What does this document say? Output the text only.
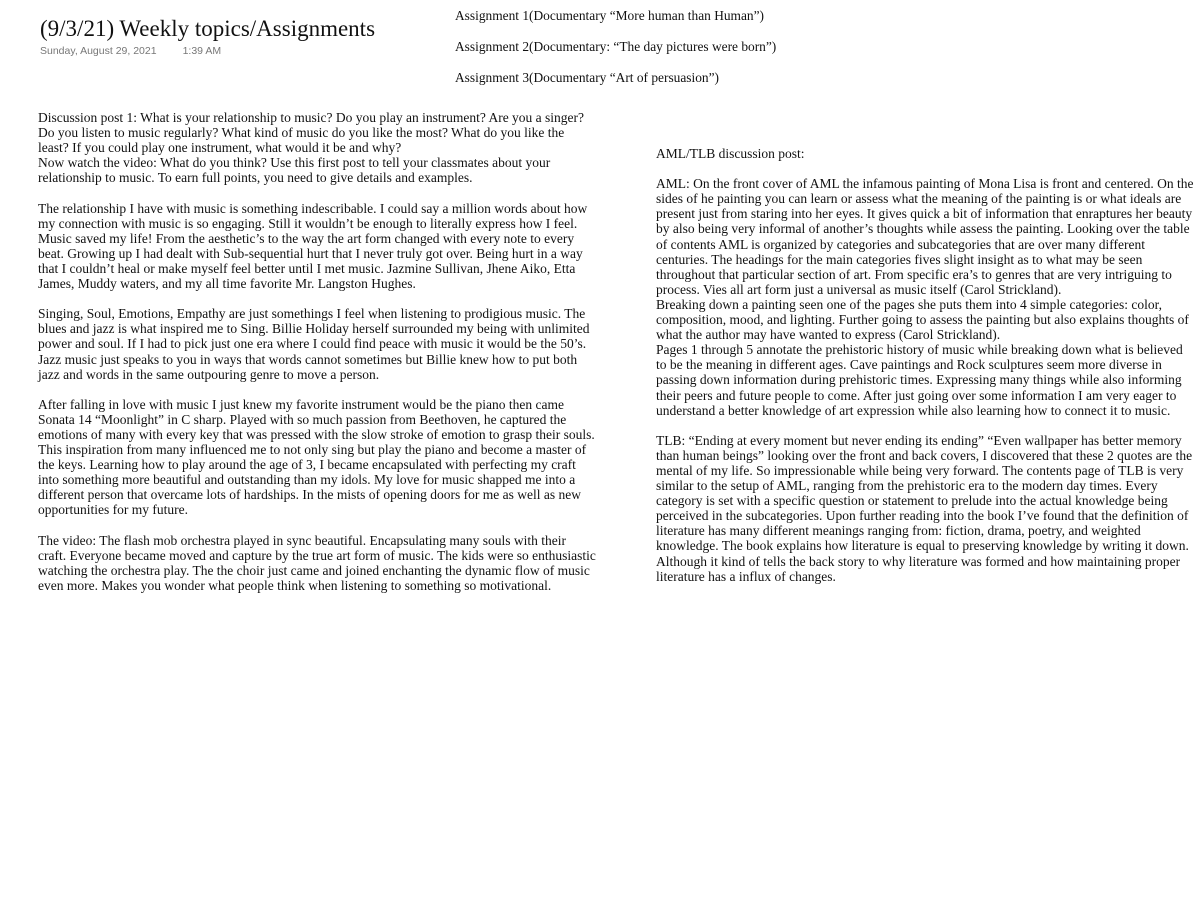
(9/3/21) Weekly topics/Assignments
Sunday, August 29, 2021 1:39 AM
Assignment 1(Documentary “More human than Human”)
Assignment 2(Documentary: “The day pictures were born”)
Assignment 3(Documentary “Art of persuasion”)
Discussion post 1: What is your relationship to music? Do you play an instrument? Are you a singer? Do you listen to music regularly? What kind of music do you like the most? What do you like the least? If you could play one instrument, what would it be and why?
Now watch the video: What do you think? Use this first post to tell your classmates about your relationship to music. To earn full points, you need to give details and examples.
The relationship I have with music is something indescribable. I could say a million words about how my connection with music is so engaging. Still it wouldn’t be enough to literally express how I feel. Music saved my life! From the aesthetic’s to the way the art form changed with every note to every beat. Growing up I had dealt with Sub-sequential hurt that I never truly got over. Being hurt in a way that I couldn’t heal or make myself feel better until I met music. Jazmine Sullivan, Jhene Aiko, Etta James, Muddy waters, and my all time favorite Mr. Langston Hughes.
Singing, Soul, Emotions, Empathy are just somethings I feel when listening to prodigious music. The blues and jazz is what inspired me to Sing. Billie Holiday herself surrounded my being with unlimited power and soul. If I had to pick just one era where I could find peace with music it would be the 50’s. Jazz music just speaks to you in ways that words cannot sometimes but Billie knew how to put both jazz and words in the same outpouring genre to move a person.
After falling in love with music I just knew my favorite instrument would be the piano then came Sonata 14 “Moonlight” in C sharp. Played with so much passion from Beethoven, he captured the emotions of many with every key that was pressed with the slow stroke of emotion to grasp their souls. This inspiration from many influenced me to not only sing but play the piano and become a master of the keys. Learning how to play around the age of 3, I became encapsulated with perfecting my craft into something more beautiful and outstanding than my idols. My love for music shapped me into a different person that overcame lots of hardships. In the mists of opening doors for me as well as new opportunities for my future.
The video: The flash mob orchestra played in sync beautiful. Encapsulating many souls with their craft. Everyone became moved and capture by the true art form of music. The kids were so enthusiastic watching the orchestra play. The the choir just came and joined enchanting the dynamic flow of music even more. Makes you wonder what people think when listening to something so motivational.
AML/TLB discussion post:
AML: On the front cover of AML the infamous painting of Mona Lisa is front and centered. On the sides of he painting you can learn or assess what the meaning of the painting is or what ideals are present just from staring into her eyes. It gives quick a bit of information that enraptures her beauty by also being very informal of another’s thoughts while assess the painting. Looking over the table of contents AML is organized by categories and subcategories that are over many different centuries. The headings for the main categories fives slight insight as to what may be seen throughout that particular section of art. From specific era’s to genres that are very intriguing to process. Vies all art form just a universal as music itself (Carol Strickland).
Breaking down a painting seen one of the pages she puts them into 4 simple categories: color, composition, mood, and lighting. Further going to assess the painting but also explains thoughts of what the author may have wanted to express (Carol Strickland).
Pages 1 through 5 annotate the prehistoric history of music while breaking down what is believed to be the meaning in different ages. Cave paintings and Rock sculptures seem more diverse in passing down information during prehistoric times. Expressing many things while also informing their peers and future people to come. After just going over some information I am very eager to understand a better knowledge of art expression while also learning how to connect it to music.
TLB: “Ending at every moment but never ending its ending” “Even wallpaper has better memory than human beings” looking over the front and back covers, I discovered that these 2 quotes are the mental of my life. So impressionable while being very forward. The contents page of TLB is very similar to the setup of AML, ranging from the prehistoric era to the modern day times. Every category is set with a specific question or statement to prelude into the actual knowledge being perceived in the subcategories. Upon further reading into the book I’ve found that the definition of literature has many different meanings ranging from: fiction, drama, poetry, and weighted knowledge. The book explains how literature is equal to preserving knowledge by writing it down. Although it kind of tells the back story to why literature was formed and how maintaining proper literature has a influx of changes.
